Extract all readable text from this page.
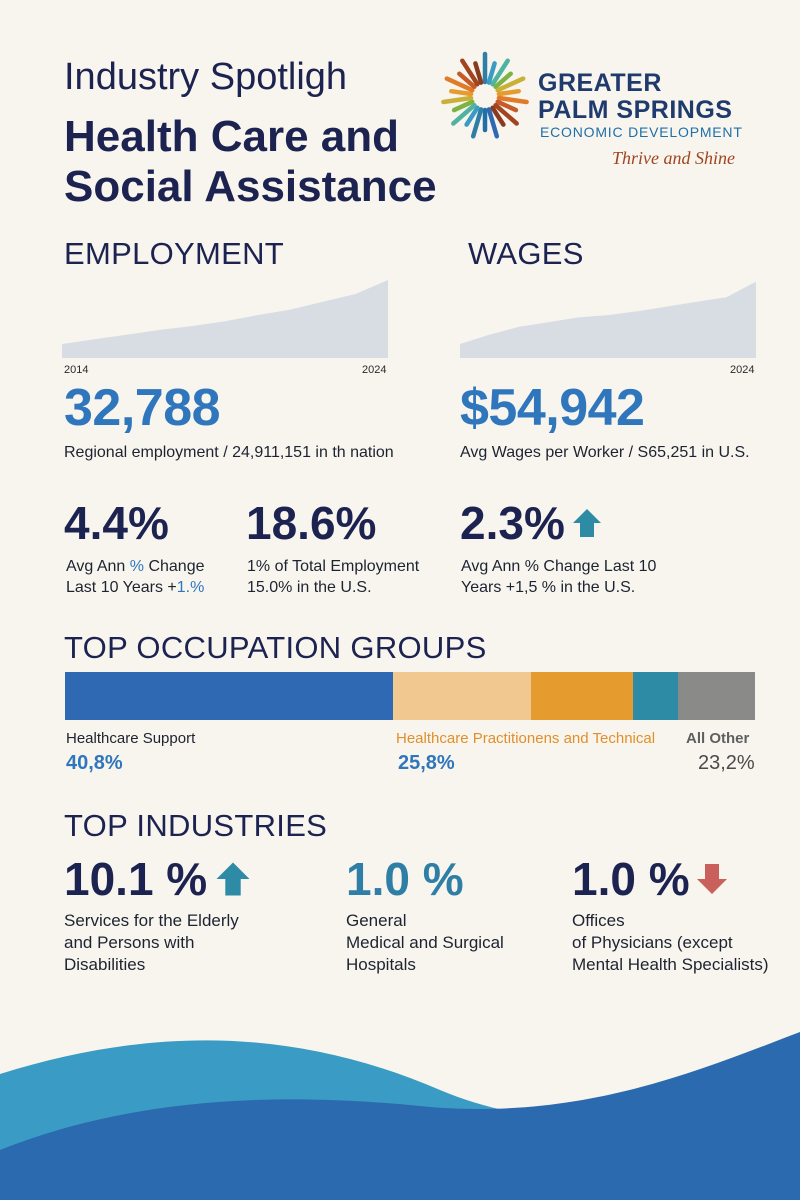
Industry Spotligh
Health Care and
Social Assistance
GREATER
PALM SPRINGS
ECONOMIC DEVELOPMENT
Thrive and Shine
EMPLOYMENT
2014	2024
32,788
Regional employment / 24,911,151 in th nation
WAGES
2024
$54,942
Avg Wages per Worker / S65,251 in U.S.
4.4%
Avg Ann % Change
Last 10 Years +1.%
18.6%
1% of Total Employment
15.0% in the U.S.
2.3%
Avg Ann % Change Last 10
Years +1,5 % in the U.S.
TOP OCCUPATION GROUPS
Healthcare Support
40,8%
Healthcare Practitionens and Technical
25,8%
All Other
23,2%
TOP INDUSTRIES
10.1 %
Services for the Elderly
and Persons with
Disabilities
1.0 %
General
Medical and Surgical
Hospitals
1.0 %
Offices
of Physicians (except
Mental Health Specialists)
